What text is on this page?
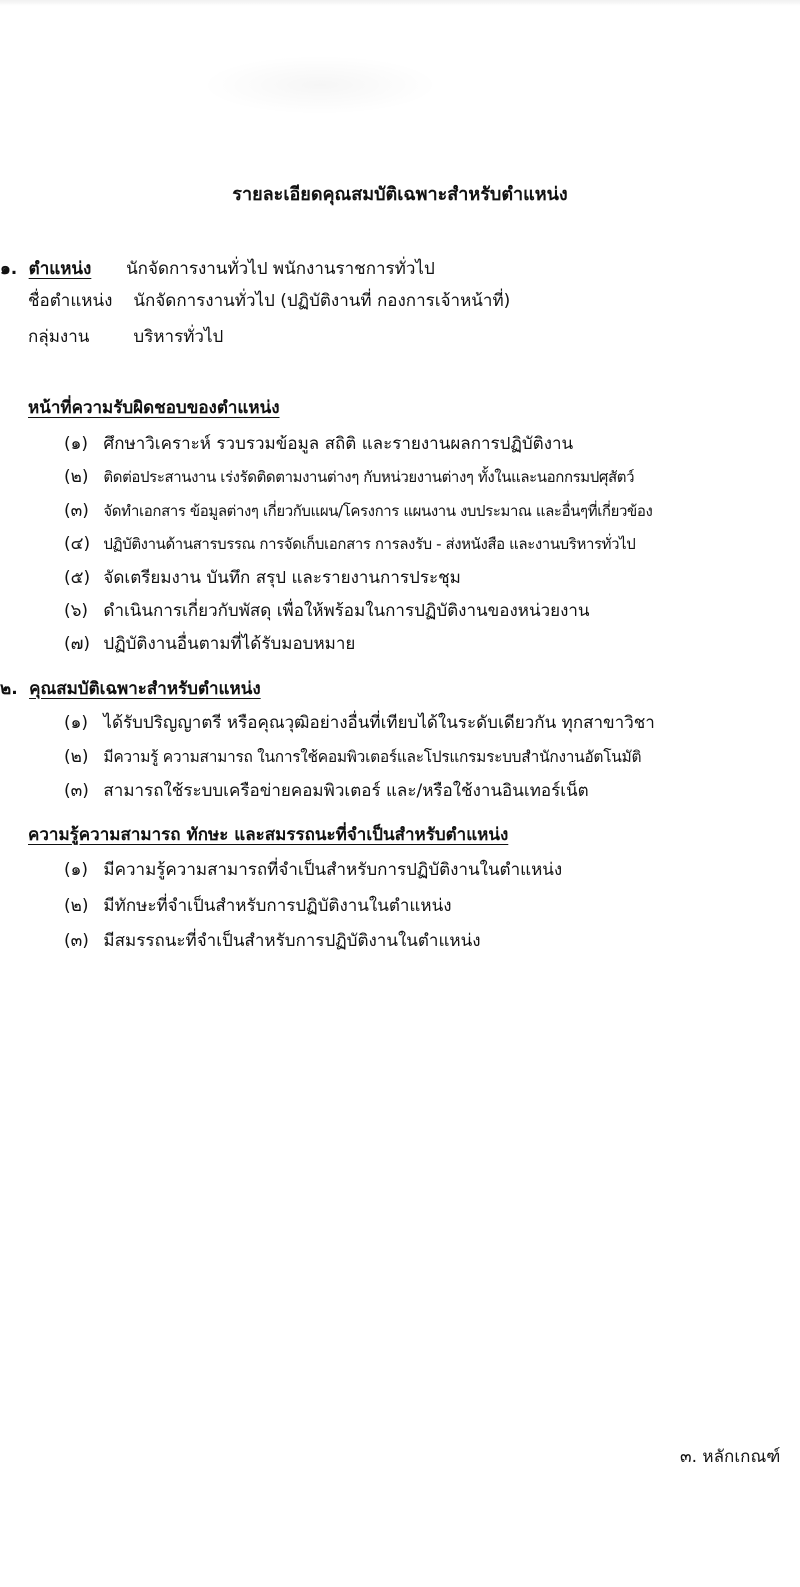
รายละเอียดคุณสมบัติเฉพาะสำหรับตำแหน่ง
๑. ตำแหน่ง นักจัดการงานทั่วไป พนักงานราชการทั่วไป
ชื่อตำแหน่ง นักจัดการงานทั่วไป (ปฏิบัติงานที่ กองการเจ้าหน้าที่)
กลุ่มงาน	บริหารทั่วไป
หน้าที่ความรับผิดชอบของตำแหน่ง
(๑) ศึกษาวิเคราะห์ รวบรวมข้อมูล สถิติ และรายงานผลการปฏิบัติงาน
(๒) ติดต่อประสานงาน เร่งรัดติดตามงานต่างๆ กับหน่วยงานต่างๆ ทั้งในและนอกกรมปศุสัตว์
(๓) จัดทำเอกสาร ข้อมูลต่างๆ เกี่ยวกับแผน/โครงการ แผนงาน งบประมาณ และอื่นๆที่เกี่ยวข้อง
(๔) ปฏิบัติงานด้านสารบรรณ การจัดเก็บเอกสาร การลงรับ - ส่งหนังสือ และงานบริหารทั่วไป
(๕) จัดเตรียมงาน บันทึก สรุป และรายงานการประชุม
(๖) ดำเนินการเกี่ยวกับพัสดุ เพื่อให้พร้อมในการปฏิบัติงานของหน่วยงาน
(๗) ปฏิบัติงานอื่นตามที่ได้รับมอบหมาย
๒. คุณสมบัติเฉพาะสำหรับตำแหน่ง
(๑) ได้รับปริญญาตรี หรือคุณวุฒิอย่างอื่นที่เทียบได้ในระดับเดียวกัน ทุกสาขาวิชา
(๒) มีความรู้ ความสามารถ ในการใช้คอมพิวเตอร์และโปรแกรมระบบสำนักงานอัตโนมัติ
(๓) สามารถใช้ระบบเครือข่ายคอมพิวเตอร์ และ/หรือใช้งานอินเทอร์เน็ต
ความรู้ความสามารถ ทักษะ และสมรรถนะที่จำเป็นสำหรับตำแหน่ง
(๑) มีความรู้ความสามารถที่จำเป็นสำหรับการปฏิบัติงานในตำแหน่ง
(๒) มีทักษะที่จำเป็นสำหรับการปฏิบัติงานในตำแหน่ง
(๓) มีสมรรถนะที่จำเป็นสำหรับการปฏิบัติงานในตำแหน่ง
๓. หลักเกณฑ์
